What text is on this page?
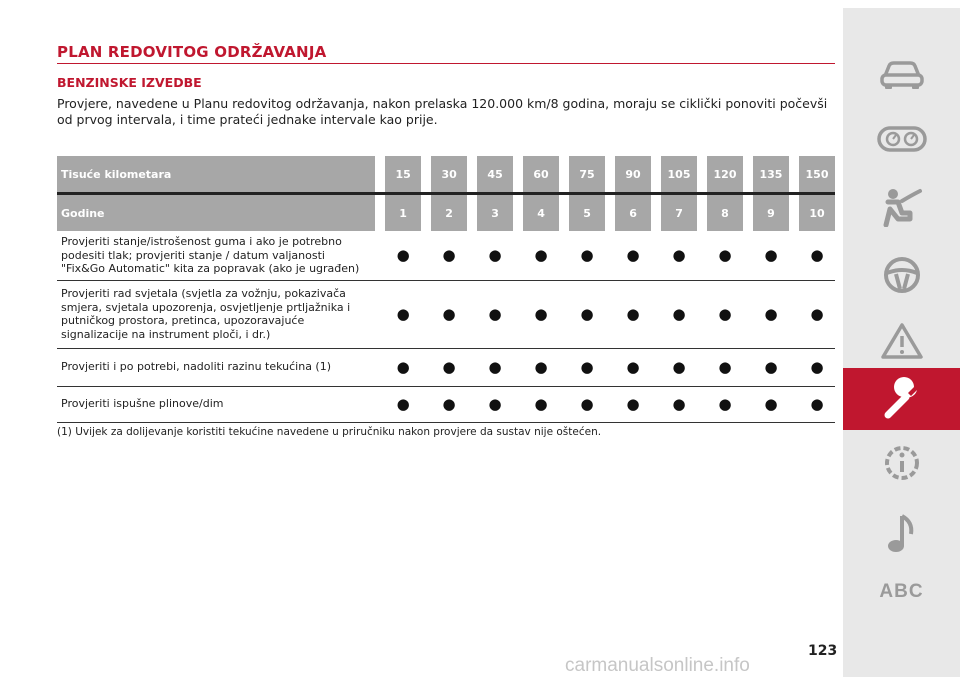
PLAN REDOVITOG ODRŽAVANJA
BENZINSKE IZVEDBE
Provjere, navedene u Planu redovitog održavanja, nakon prelaska 120.000 km/8 godina, moraju se ciklički ponoviti počevši od prvog intervala, i time prateći jednake intervale kao prije.
Tisuće kilometara		15		30		45		60		75		90		105		120		135		150
Godine		1		2		3		4		5		6		7		8		9		10
Provjeriti stanje/istrošenost guma i ako je potrebno podesiti tlak; provjeriti stanje / datum valjanosti "Fix&Go Automatic" kita za popravak (ako je ugrađen)		●		●		●		●		●		●		●		●		●		●
Provjeriti rad svjetala (svjetla za vožnju, pokazivača smjera, svjetala upozorenja, osvjetljenje prtljažnika i putničkog prostora, pretinca, upozoravajuće signalizacije na instrument ploči, i dr.)		●		●		●		●		●		●		●		●		●		●
Provjeriti i po potrebi, nadoliti razinu tekućina (1)		●		●		●		●		●		●		●		●		●		●
Provjeriti ispušne plinove/dim		●		●		●		●		●		●		●		●		●		●
(1) Uvijek za dolijevanje koristiti tekućine navedene u priručniku nakon provjere da sustav nije oštećen.
123
ABC
carmanualsonline.info
